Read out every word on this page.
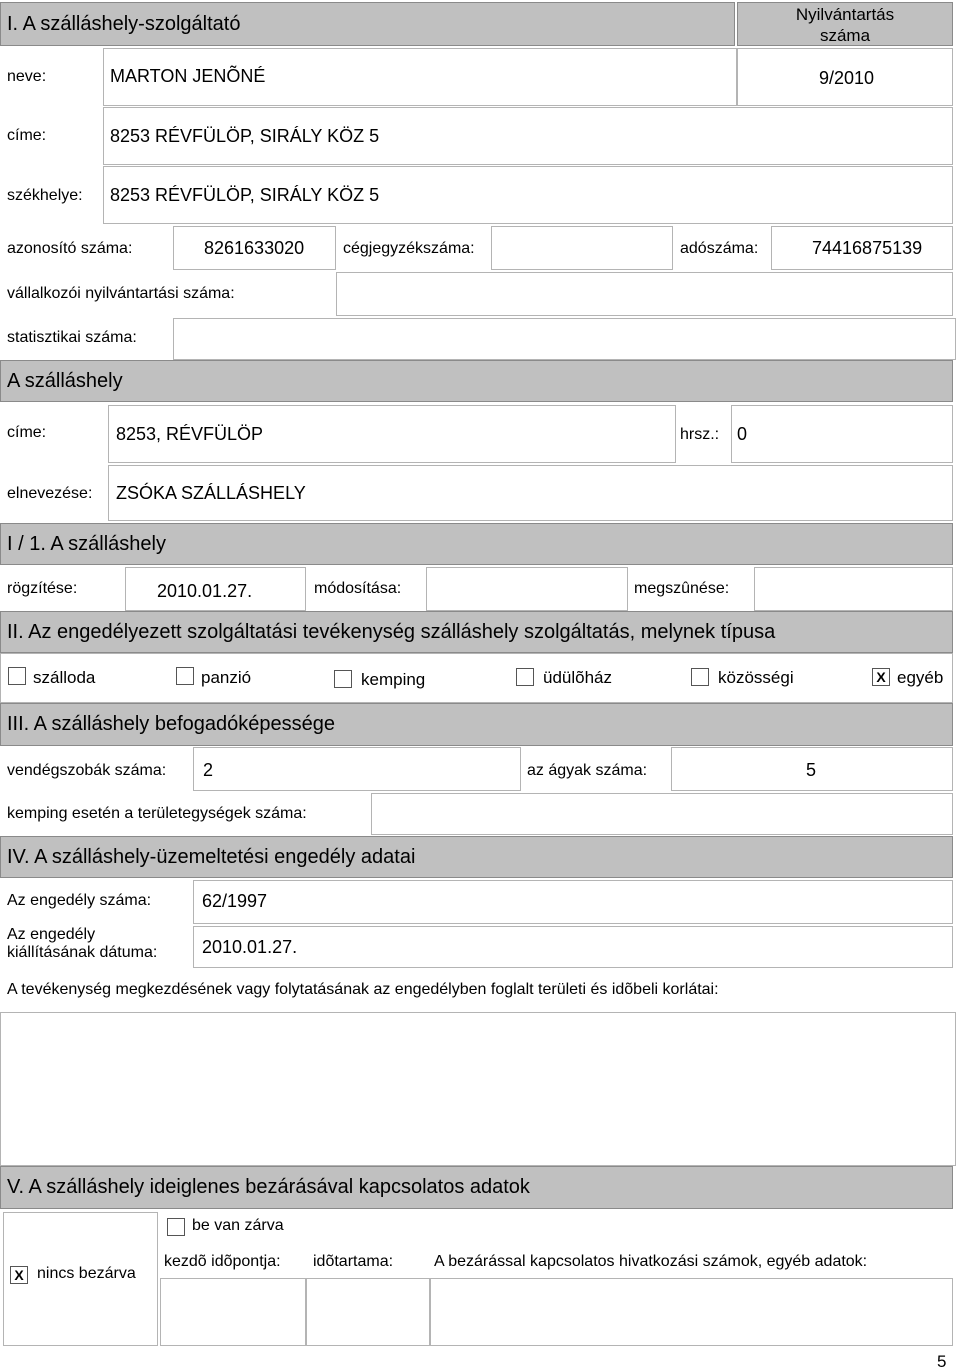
I. A szálláshely-szolgáltató	Nyilvántartás
száma
neve:	MARTON JENÕNÉ	9/2010
címe:	8253 RÉVFÜLÖP, SIRÁLY KÖZ 5
székhelye: 8253 RÉVFÜLÖP, SIRÁLY KÖZ 5
azonosító száma:	8261633020 cégjegyzékszáma:	adószáma:	74416875139
vállalkozói nyilvántartási száma:
statisztikai száma:
A szálláshely
címe:	8253, RÉVFÜLÖP	hrsz.: 0
elnevezése: ZSÓKA SZÁLLÁSHELY
I / 1. A szálláshely
rögzítése:	2010.01.27.	módosítása:	megszûnése:
II. Az engedélyezett szolgáltatási tevékenység szálláshely szolgáltatás, melynek típusa
szálloda	panzió	kemping	üdülõház	közösségi	X egyéb
III. A szálláshely befogadóképessége
vendégszobák száma: 2	az ágyak száma:	5
kemping esetén a területegységek száma:
IV. A szálláshely-üzemeltetési engedély adatai
Az engedély száma:	62/1997
Az engedély
kiállításának dátuma: 2010.01.27.
A tevékenység megkezdésének vagy folytatásának az engedélyben foglalt területi és idõbeli korlátai:
V. A szálláshely ideiglenes bezárásával kapcsolatos adatok
X nincs bezárva
be van zárva
kezdõ idõpontja: idõtartama:	A bezárással kapcsolatos hivatkozási számok, egyéb adatok:
5
